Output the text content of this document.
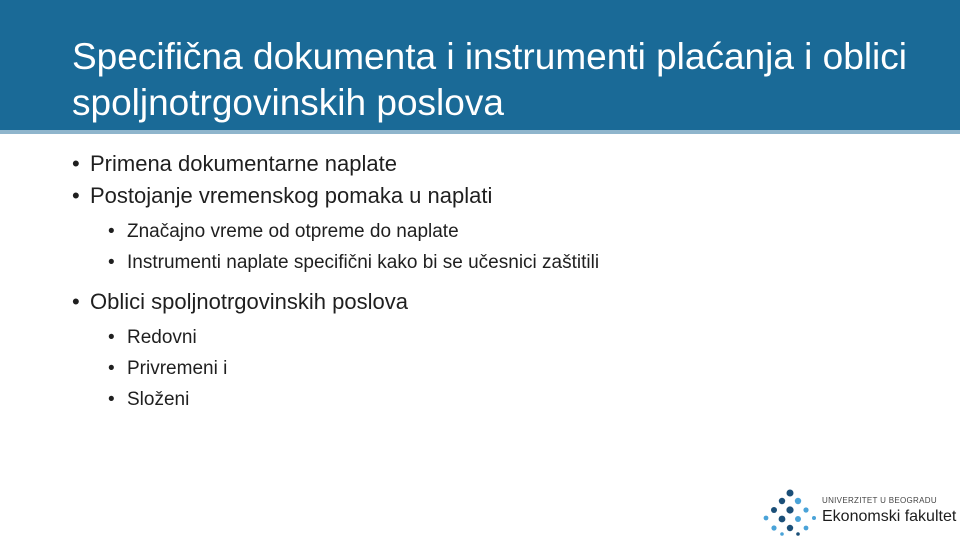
Specifična dokumenta i instrumenti plaćanja i oblici spoljnotrgovinskih poslova
• Primena dokumentarne naplate
• Postojanje vremenskog pomaka u naplati
• Značajno vreme od otpreme do naplate
• Instrumenti naplate specifični kako bi se učesnici zaštitili
• Oblici spoljnotrgovinskih poslova
• Redovni
• Privremeni i
• Složeni
UNIVERZITET U BEOGRADU
Ekonomski fakultet
